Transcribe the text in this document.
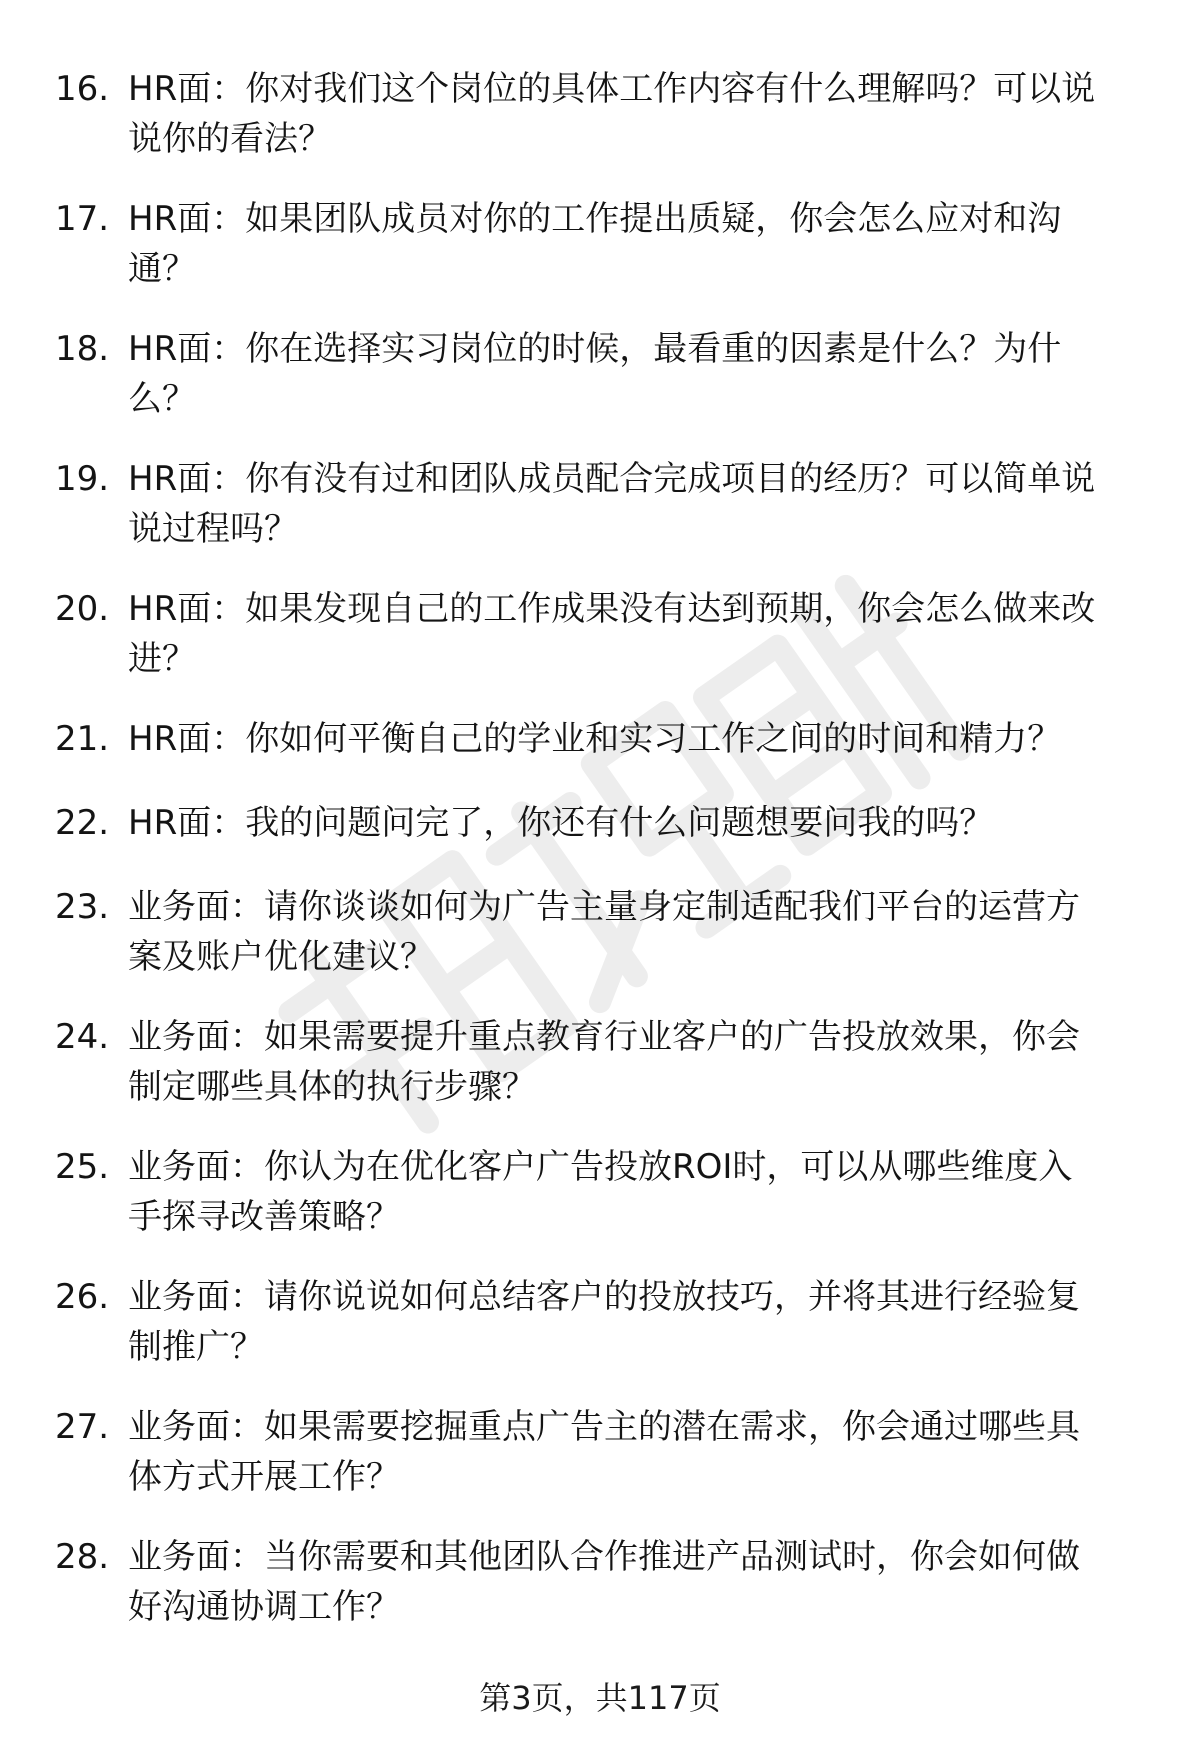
16. HR面：你对我们这个岗位的具体工作内容有什么理解吗？可以说
说你的看法？
17. HR面：如果团队成员对你的工作提出质疑，你会怎么应对和沟
通？
18. HR面：你在选择实习岗位的时候，最看重的因素是什么？为什
么？
19. HR面：你有没有过和团队成员配合完成项目的经历？可以简单说
说过程吗？
20. HR面：如果发现自己的工作成果没有达到预期，你会怎么做来改
进？
21. HR面：你如何平衡自己的学业和实习工作之间的时间和精力？
22. HR面：我的问题问完了，你还有什么问题想要问我的吗？
23. 业务面：请你谈谈如何为广告主量身定制适配我们平台的运营方
案及账户优化建议？
24. 业务面：如果需要提升重点教育行业客户的广告投放效果，你会
制定哪些具体的执行步骤？
25. 业务面：你认为在优化客户广告投放ROI时，可以从哪些维度入
手探寻改善策略？
26. 业务面：请你说说如何总结客户的投放技巧，并将其进行经验复
制推广？
27. 业务面：如果需要挖掘重点广告主的潜在需求，你会通过哪些具
体方式开展工作？
28. 业务面：当你需要和其他团队合作推进产品测试时，你会如何做
好沟通协调工作？
第3页，共117页
